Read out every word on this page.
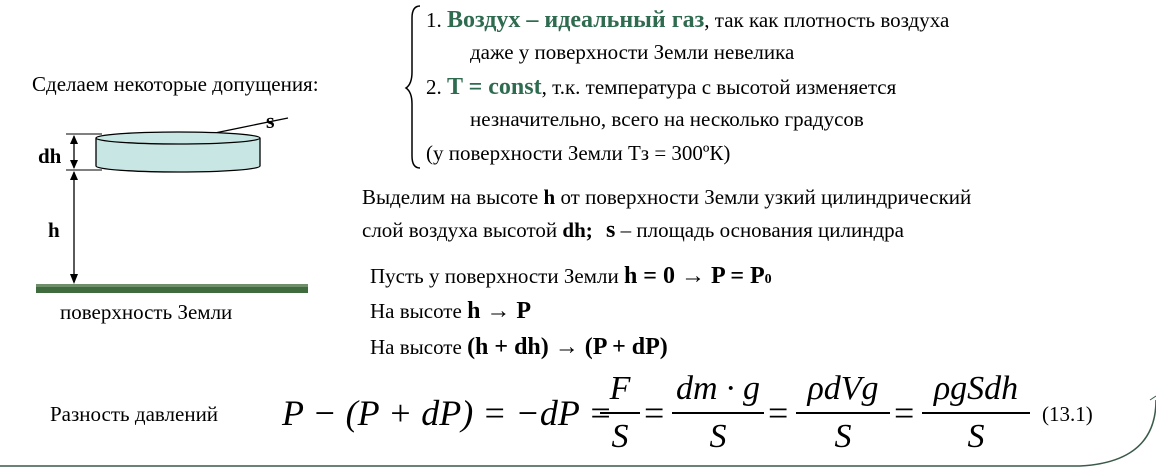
Сделаем некоторые допущения:
1. Воздух – идеальный газ, так как плотность воздуха
даже у поверхности Земли невелика
2. T = const, т.к. температура с высотой изменяется
незначительно, всего на несколько градусов
(у поверхности Земли Tз = 300ºК)
s
dh
h
поверхность Земли
Выделим на высоте h от поверхности Земли узкий цилиндрический
слой воздуха высотой dh; s – площадь основания цилиндра
Пусть у поверхности Земли h = 0 → P = P0
На высоте h → P
На высоте (h + dh) → (P + dP)
Разность давлений P − (P + dP) = −dP =
F
S
=
dm · g
S
=
ρdVg
S
=
ρgSdh
S
(13.1)
